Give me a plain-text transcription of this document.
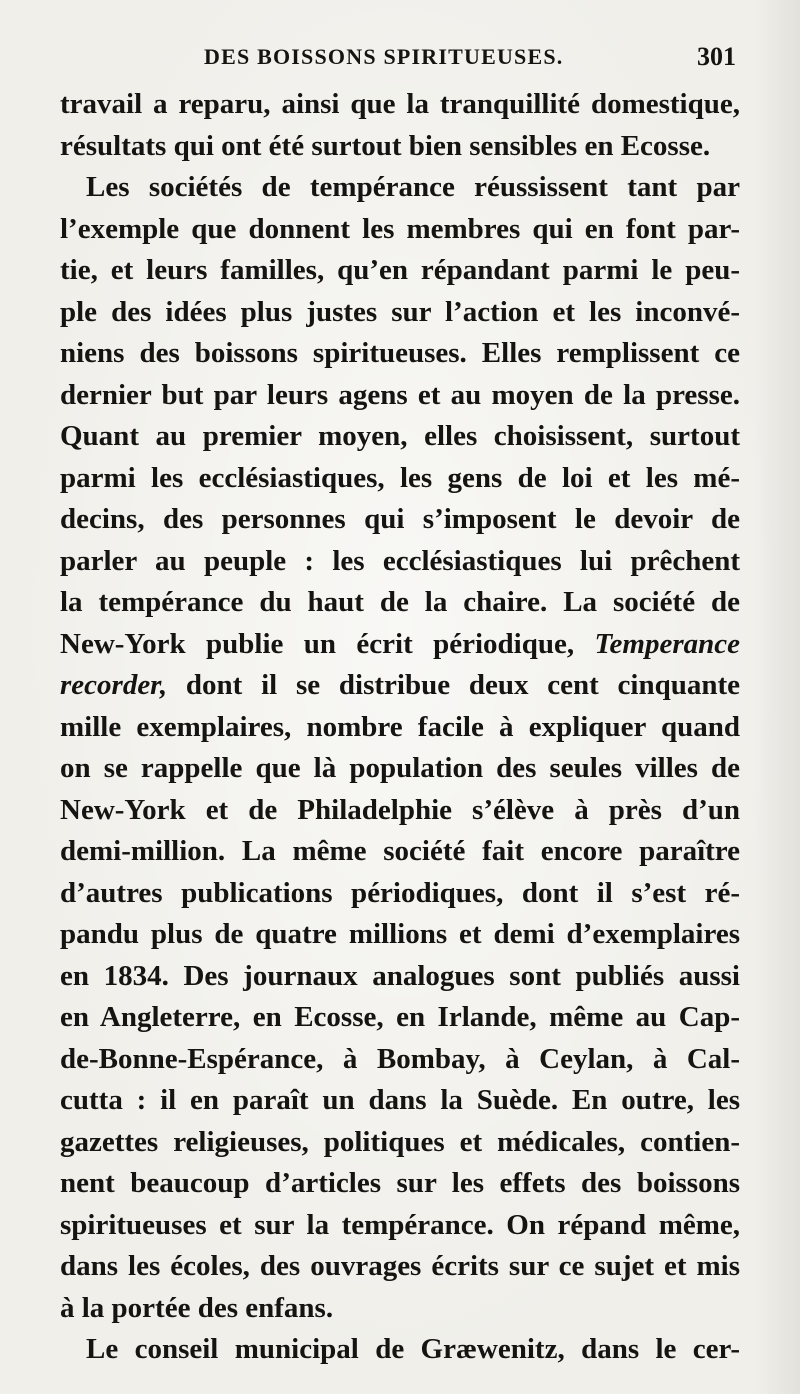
DES BOISSONS SPIRITUEUSES.	301
travail a reparu, ainsi que la tranquillité domestique,
résultats qui ont été surtout bien sensibles en Ecosse.
Les sociétés de tempérance réussissent tant par
l’exemple que donnent les membres qui en font par-
tie, et leurs familles, qu’en répandant parmi le peu-
ple des idées plus justes sur l’action et les inconvé-
niens des boissons spiritueuses. Elles remplissent ce
dernier but par leurs agens et au moyen de la presse.
Quant au premier moyen, elles choisissent, surtout
parmi les ecclésiastiques, les gens de loi et les mé-
decins, des personnes qui s’imposent le devoir de
parler au peuple : les ecclésiastiques lui prêchent
la tempérance du haut de la chaire. La société de
New-York publie un écrit périodique, Temperance
recorder, dont il se distribue deux cent cinquante
mille exemplaires, nombre facile à expliquer quand
on se rappelle que là population des seules villes de
New-York et de Philadelphie s’élève à près d’un
demi-million. La même société fait encore paraître
d’autres publications périodiques, dont il s’est ré-
pandu plus de quatre millions et demi d’exemplaires
en 1834. Des journaux analogues sont publiés aussi
en Angleterre, en Ecosse, en Irlande, même au Cap-
de-Bonne-Espérance, à Bombay, à Ceylan, à Cal-
cutta : il en paraît un dans la Suède. En outre, les
gazettes religieuses, politiques et médicales, contien-
nent beaucoup d’articles sur les effets des boissons
spiritueuses et sur la tempérance. On répand même,
dans les écoles, des ouvrages écrits sur ce sujet et mis
à la portée des enfans.
Le conseil municipal de Græwenitz, dans le cer-
